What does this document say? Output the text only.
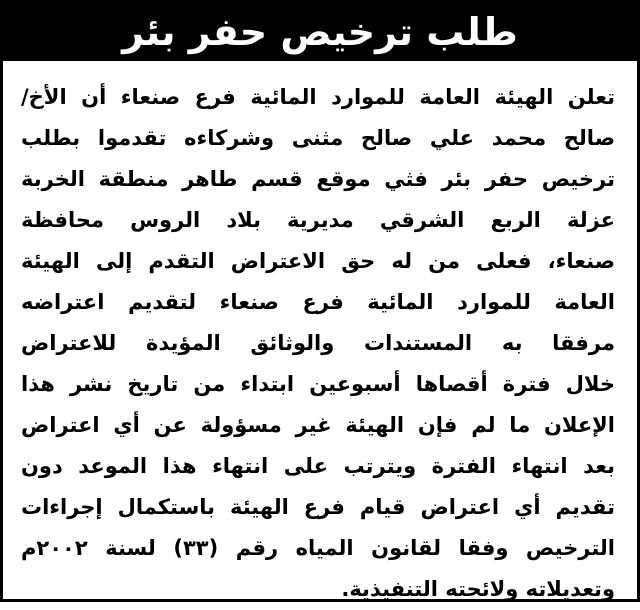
طلب ترخيص حفر بئر
تعلن الهيئة العامة للموارد المائية فرع صنعاء أن الأخ/
صالح محمد علي صالح مثنى وشركاءه تقدموا بطلب
ترخيص حفر بئر فثي موقع قسم طاهر منطقة الخربة
عزلة الربع الشرقي مديرية بلاد الروس محافظة
صنعاء، فعلى من له حق الاعتراض التقدم إلى الهيئة
العامة للموارد المائية فرع صنعاء لتقديم اعتراضه
مرفقا به المستندات والوثائق المؤيدة للاعتراض
خلال فترة أقصاها أسبوعين ابتداء من تاريخ نشر هذا
الإعلان ما لم فإن الهيئة غير مسؤولة عن أي اعتراض
بعد انتهاء الفترة ويترتب على انتهاء هذا الموعد دون
تقديم أي اعتراض قيام فرع الهيئة باستكمال إجراءات
الترخيص وفقا لقانون المياه رقم (٣٣) لسنة ٢٠٠٢م
وتعديلاته ولائحته التنفيذية.
